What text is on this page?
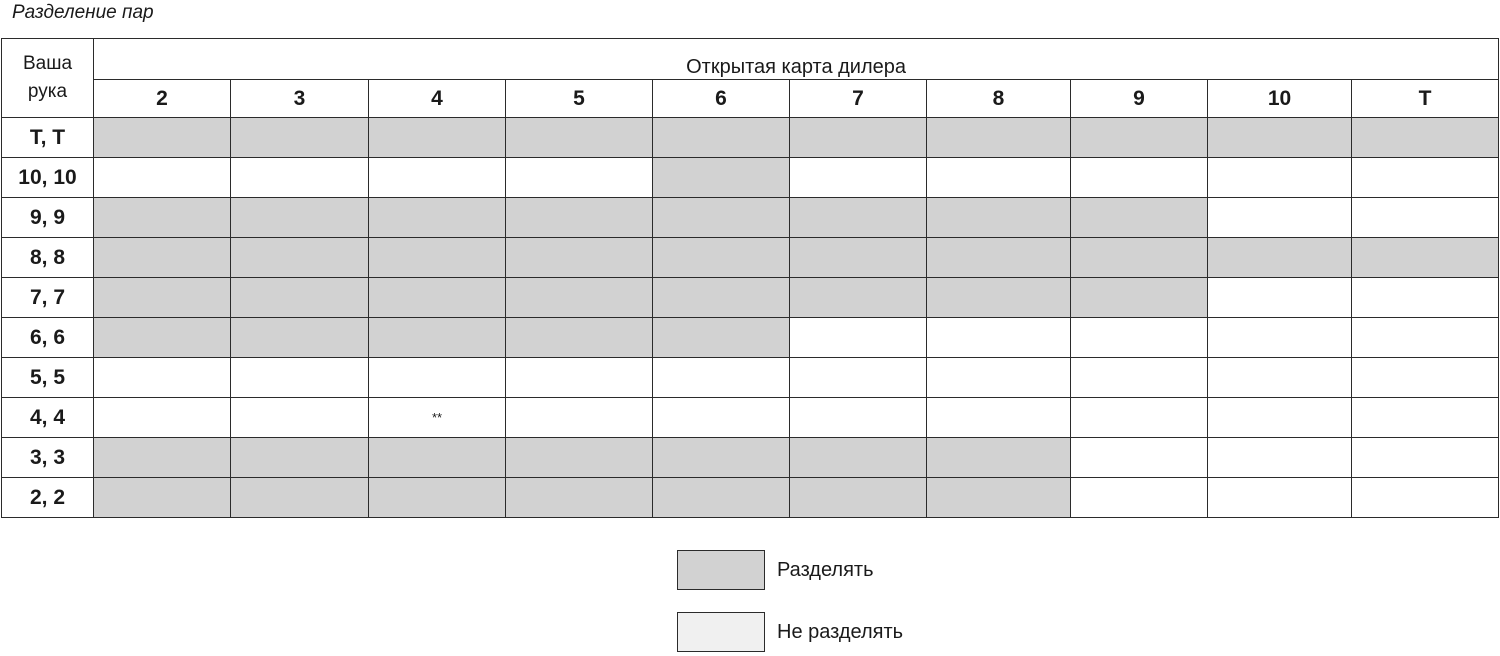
Разделение пар
Ваша
рука	Открытая карта дилера									
	2	3	4	5	6	7	8	9	10	Т
Т, Т										
10, 10										
9, 9										
8, 8										
7, 7										
6, 6										
5, 5										
4, 4			**							
3, 3										
2, 2										
Разделять
Не разделять
